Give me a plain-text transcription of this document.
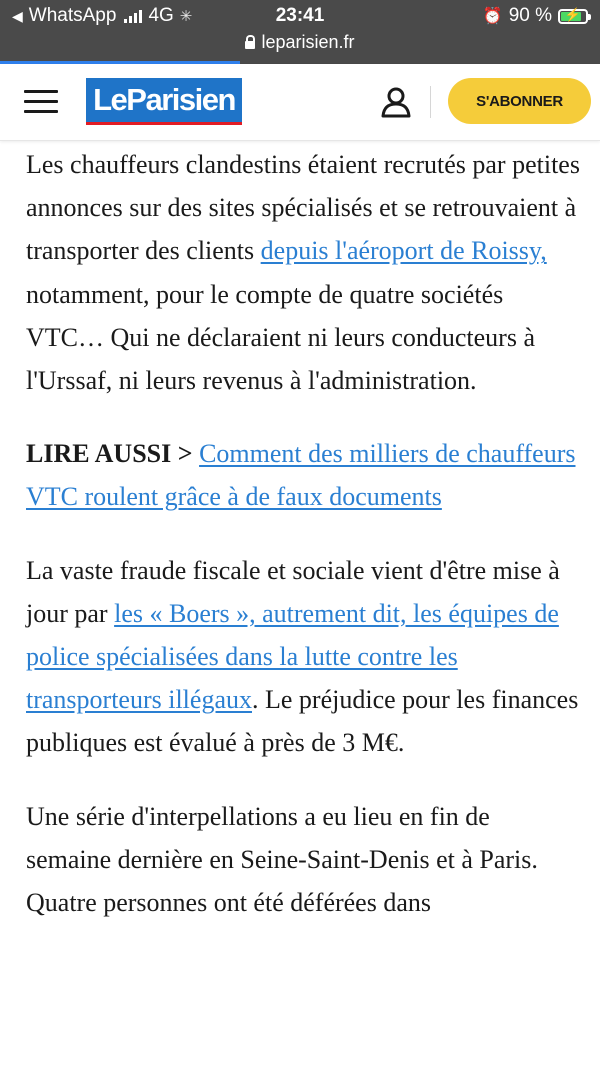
◀ WhatsApp 4G ✳	23:41	⏰ 90 % ⚡
leparisien.fr
LeParisien	S'ABONNER

Les chauffeurs clandestins étaient recrutés par petites annonces sur des sites spécialisés et se retrouvaient à transporter des clients depuis l'aéroport de Roissy, notamment, pour le compte de quatre sociétés VTC… Qui ne déclaraient ni leurs conducteurs à l'Urssaf, ni leurs revenus à l'administration.

LIRE AUSSI > Comment des milliers de chauffeurs VTC roulent grâce à de faux documents

La vaste fraude fiscale et sociale vient d'être mise à jour par les « Boers », autrement dit, les équipes de police spécialisées dans la lutte contre les transporteurs illégaux. Le préjudice pour les finances publiques est évalué à près de 3 M€.

Une série d'interpellations a eu lieu en fin de semaine dernière en Seine-Saint-Denis et à Paris. Quatre personnes ont été déférées dans
